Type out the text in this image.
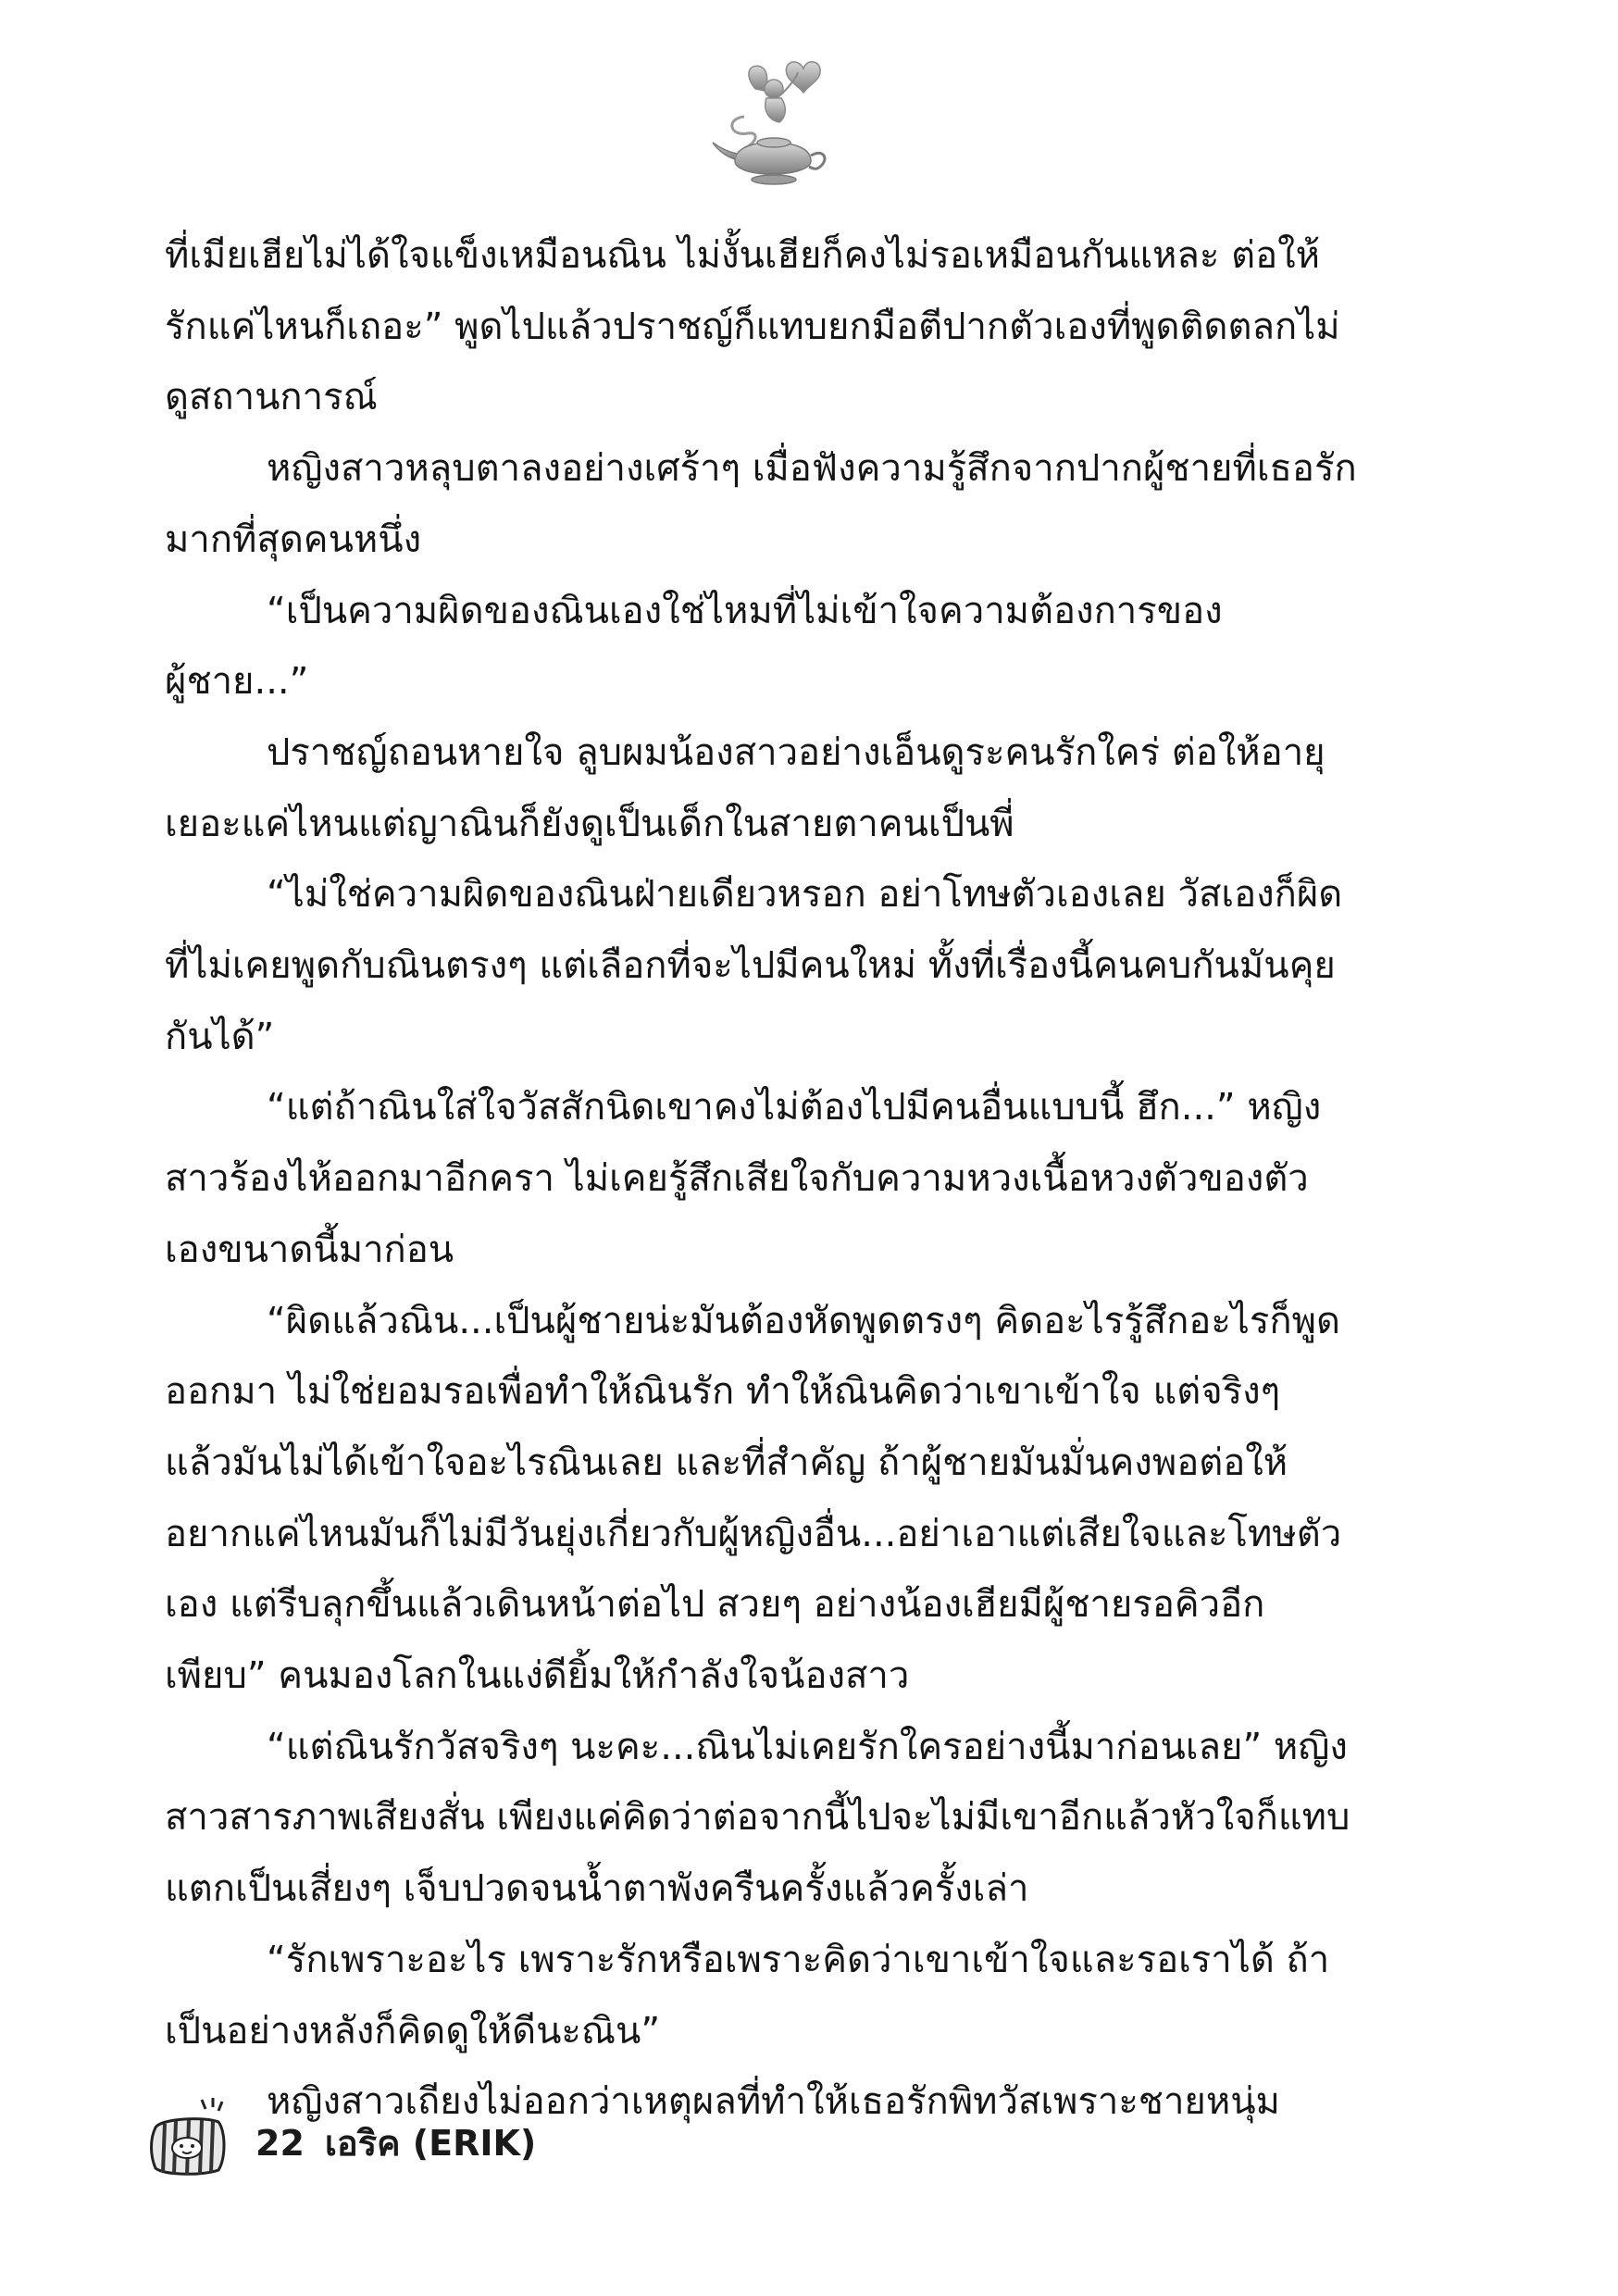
ที่เมียเฮียไม่ได้ใจแข็งเหมือนณิน ไม่งั้นเฮียก็คงไม่รอเหมือนกันแหละ ต่อให้รักแค่ไหนก็เถอะ” พูดไปแล้วปราชญ์ก็แทบยกมือตีปากตัวเองที่พูดติดตลกไม่ดูสถานการณ์

หญิงสาวหลุบตาลงอย่างเศร้าๆ เมื่อฟังความรู้สึกจากปากผู้ชายที่เธอรักมากที่สุดคนหนึ่ง

“เป็นความผิดของณินเองใช่ไหมที่ไม่เข้าใจความต้องการของผู้ชาย...”

ปราชญ์ถอนหายใจ ลูบผมน้องสาวอย่างเอ็นดูระคนรักใคร่ ต่อให้อายุเยอะแค่ไหนแต่ญาณินก็ยังดูเป็นเด็กในสายตาคนเป็นพี่

“ไม่ใช่ความผิดของณินฝ่ายเดียวหรอก อย่าโทษตัวเองเลย วัสเองก็ผิดที่ไม่เคยพูดกับณินตรงๆ แต่เลือกที่จะไปมีคนใหม่ ทั้งที่เรื่องนี้คนคบกันมันคุยกันได้”

“แต่ถ้าณินใส่ใจวัสสักนิดเขาคงไม่ต้องไปมีคนอื่นแบบนี้ ฮึก...” หญิงสาวร้องไห้ออกมาอีกครา ไม่เคยรู้สึกเสียใจกับความหวงเนื้อหวงตัวของตัวเองขนาดนี้มาก่อน

“ผิดแล้วณิน...เป็นผู้ชายน่ะมันต้องหัดพูดตรงๆ คิดอะไรรู้สึกอะไรก็พูดออกมา ไม่ใช่ยอมรอเพื่อทำให้ณินรัก ทำให้ณินคิดว่าเขาเข้าใจ แต่จริงๆ แล้วมันไม่ได้เข้าใจอะไรณินเลย และที่สำคัญ ถ้าผู้ชายมันมั่นคงพอต่อให้อยากแค่ไหนมันก็ไม่มีวันยุ่งเกี่ยวกับผู้หญิงอื่น...อย่าเอาแต่เสียใจและโทษตัวเอง แต่รีบลุกขึ้นแล้วเดินหน้าต่อไป สวยๆ อย่างน้องเฮียมีผู้ชายรอคิวอีกเพียบ” คนมองโลกในแง่ดียิ้มให้กำลังใจน้องสาว

“แต่ณินรักวัสจริงๆ นะคะ...ณินไม่เคยรักใครอย่างนี้มาก่อนเลย” หญิงสาวสารภาพเสียงสั่น เพียงแค่คิดว่าต่อจากนี้ไปจะไม่มีเขาอีกแล้วหัวใจก็แทบแตกเป็นเสี่ยงๆ เจ็บปวดจนน้ำตาพังครืนครั้งแล้วครั้งเล่า

“รักเพราะอะไร เพราะรักหรือเพราะคิดว่าเขาเข้าใจและรอเราได้ ถ้าเป็นอย่างหลังก็คิดดูให้ดีนะณิน”

หญิงสาวเถียงไม่ออกว่าเหตุผลที่ทำให้เธอรักพิทวัสเพราะชายหนุ่ม

22 เอริค (ERIK)
